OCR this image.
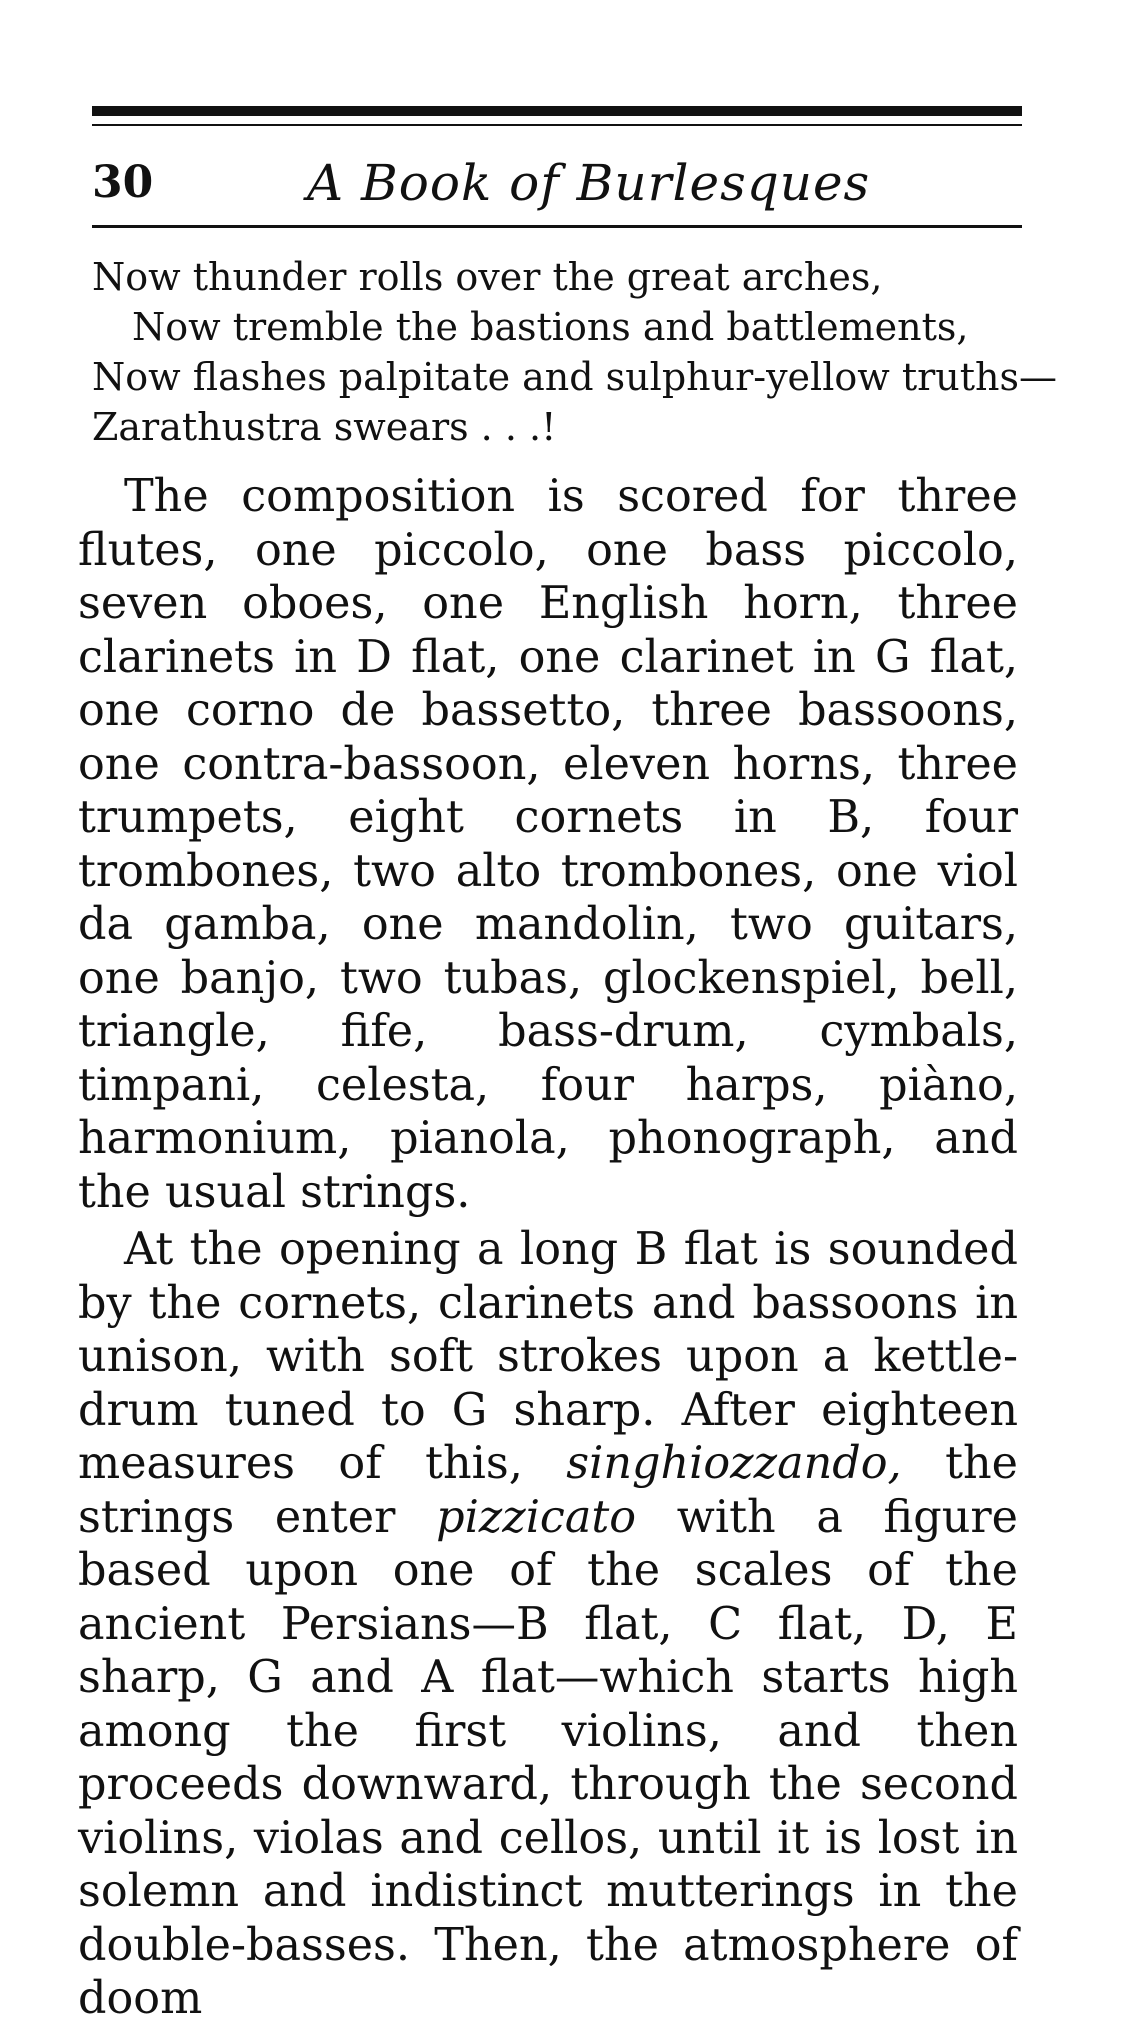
30	A Book of Burlesques
Now thunder rolls over the great arches,
Now tremble the bastions and battlements,
Now flashes palpitate and sulphur-yellow truths—
Zarathustra swears . . .!

The composition is scored for three flutes, one piccolo, one bass piccolo, seven oboes, one English horn, three clarinets in D flat, one clarinet in G flat, one corno de bassetto, three bassoons, one contra-bassoon, eleven horns, three trumpets, eight cornets in B, four trombones, two alto trombones, one viol da gamba, one mandolin, two guitars, one banjo, two tubas, glockenspiel, bell, triangle, fife, bass-drum, cymbals, timpani, celesta, four harps, piàno, harmonium, pianola, phonograph, and the usual strings.

At the opening a long B flat is sounded by the cornets, clarinets and bassoons in unison, with soft strokes upon a kettle-drum tuned to G sharp. After eighteen measures of this, singhiozzando, the strings enter pizzicato with a figure based upon one of the scales of the ancient Persians—B flat, C flat, D, E sharp, G and A flat—which starts high among the first violins, and then proceeds downward, through the second violins, violas and cellos, until it is lost in solemn and indistinct mutterings in the double-basses. Then, the atmosphere of doom
